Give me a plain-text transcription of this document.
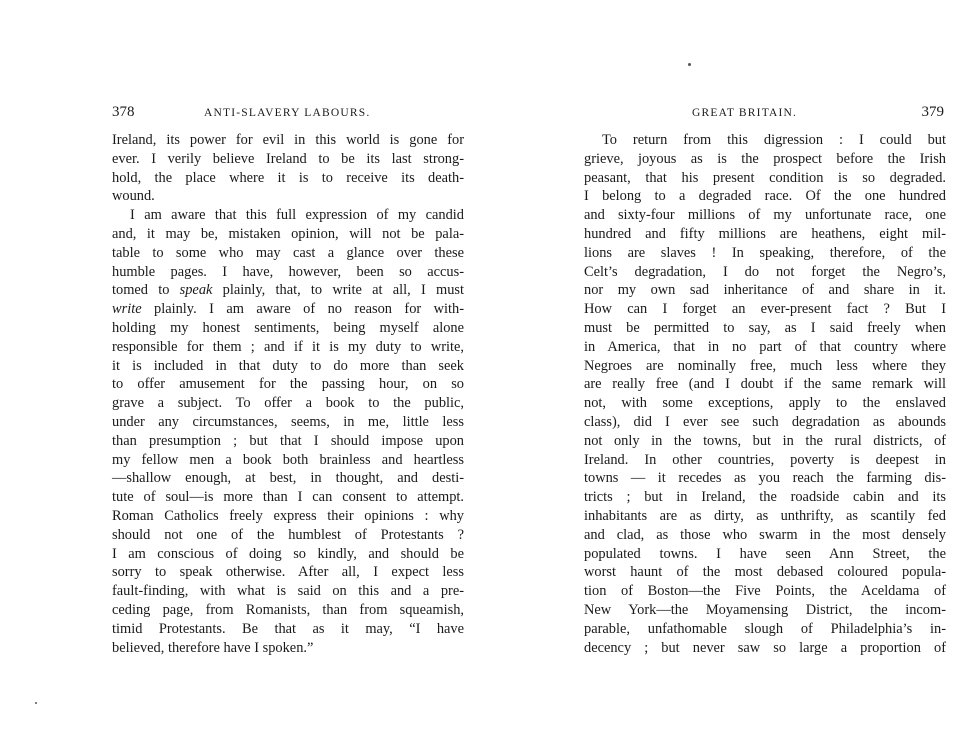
378	ANTI-SLAVERY LABOURS.
Ireland, its power for evil in this world is gone for
ever. I verily believe Ireland to be its last strong-
hold, the place where it is to receive its death-
wound.
I am aware that this full expression of my candid
and, it may be, mistaken opinion, will not be pala-
table to some who may cast a glance over these
humble pages. I have, however, been so accus-
tomed to speak plainly, that, to write at all, I must
write plainly. I am aware of no reason for with-
holding my honest sentiments, being myself alone
responsible for them ; and if it is my duty to write,
it is included in that duty to do more than seek
to offer amusement for the passing hour, on so
grave a subject. To offer a book to the public,
under any circumstances, seems, in me, little less
than presumption ; but that I should impose upon
my fellow men a book both brainless and heartless
—shallow enough, at best, in thought, and desti-
tute of soul—is more than I can consent to attempt.
Roman Catholics freely express their opinions : why
should not one of the humblest of Protestants ?
I am conscious of doing so kindly, and should be
sorry to speak otherwise. After all, I expect less
fault-finding, with what is said on this and a pre-
ceding page, from Romanists, than from squeamish,
timid Protestants. Be that as it may, “I have
believed, therefore have I spoken.”
GREAT BRITAIN.	379
To return from this digression : I could but
grieve, joyous as is the prospect before the Irish
peasant, that his present condition is so degraded.
I belong to a degraded race. Of the one hundred
and sixty-four millions of my unfortunate race, one
hundred and fifty millions are heathens, eight mil-
lions are slaves ! In speaking, therefore, of the
Celt’s degradation, I do not forget the Negro’s,
nor my own sad inheritance of and share in it.
How can I forget an ever-present fact ? But I
must be permitted to say, as I said freely when
in America, that in no part of that country where
Negroes are nominally free, much less where they
are really free (and I doubt if the same remark will
not, with some exceptions, apply to the enslaved
class), did I ever see such degradation as abounds
not only in the towns, but in the rural districts, of
Ireland. In other countries, poverty is deepest in
towns — it recedes as you reach the farming dis-
tricts ; but in Ireland, the roadside cabin and its
inhabitants are as dirty, as unthrifty, as scantily fed
and clad, as those who swarm in the most densely
populated towns. I have seen Ann Street, the
worst haunt of the most debased coloured popula-
tion of Boston—the Five Points, the Aceldama of
New York—the Moyamensing District, the incom-
parable, unfathomable slough of Philadelphia’s in-
decency ; but never saw so large a proportion of
